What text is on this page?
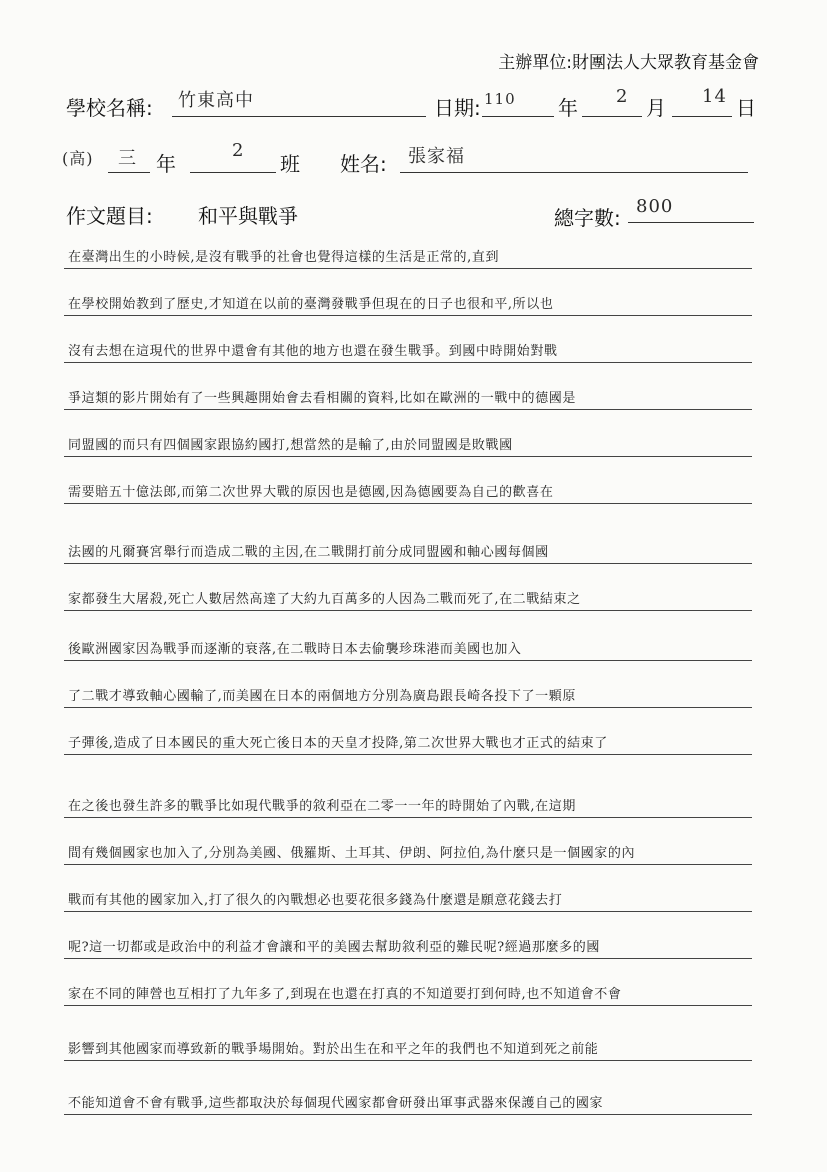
主辦單位:財團法人大眾教育基金會
學校名稱: 竹東高中	日期: 110 年 2 月 14 日
(高) 三 年
2
班 姓名: 張家福
作文題目: 和平與戰爭	總字數: 800
在臺灣出生的小時候,是沒有戰爭的社會也覺得這樣的生活是正常的,直到
在學校開始教到了歷史,才知道在以前的臺灣發戰爭但現在的日子也很和平,所以也
沒有去想在這現代的世界中還會有其他的地方也還在發生戰爭。到國中時開始對戰
爭這類的影片開始有了一些興趣開始會去看相關的資料,比如在歐洲的一戰中的德國是
同盟國的而只有四個國家跟協約國打,想當然的是輸了,由於同盟國是敗戰國
需要賠五十億法郎,而第二次世界大戰的原因也是德國,因為德國要為自己的歡喜在
法國的凡爾賽宮舉行而造成二戰的主因,在二戰開打前分成同盟國和軸心國每個國
家都發生大屠殺,死亡人數居然高達了大約九百萬多的人因為二戰而死了,在二戰結束之
後歐洲國家因為戰爭而逐漸的衰落,在二戰時日本去偷襲珍珠港而美國也加入
了二戰才導致軸心國輸了,而美國在日本的兩個地方分別為廣島跟長崎各投下了一顆原
子彈後,造成了日本國民的重大死亡後日本的天皇才投降,第二次世界大戰也才正式的結束了
在之後也發生許多的戰爭比如現代戰爭的敘利亞在二零一一年的時開始了內戰,在這期
間有幾個國家也加入了,分別為美國、俄羅斯、土耳其、伊朗、阿拉伯,為什麼只是一個國家的內
戰而有其他的國家加入,打了很久的內戰想必也要花很多錢為什麼還是願意花錢去打
呢?這一切都或是政治中的利益才會讓和平的美國去幫助敘利亞的難民呢?經過那麼多的國
家在不同的陣營也互相打了九年多了,到現在也還在打真的不知道要打到何時,也不知道會不會
影響到其他國家而導致新的戰爭場開始。對於出生在和平之年的我們也不知道到死之前能
不能知道會不會有戰爭,這些都取決於每個現代國家都會研發出軍事武器來保護自己的國家
